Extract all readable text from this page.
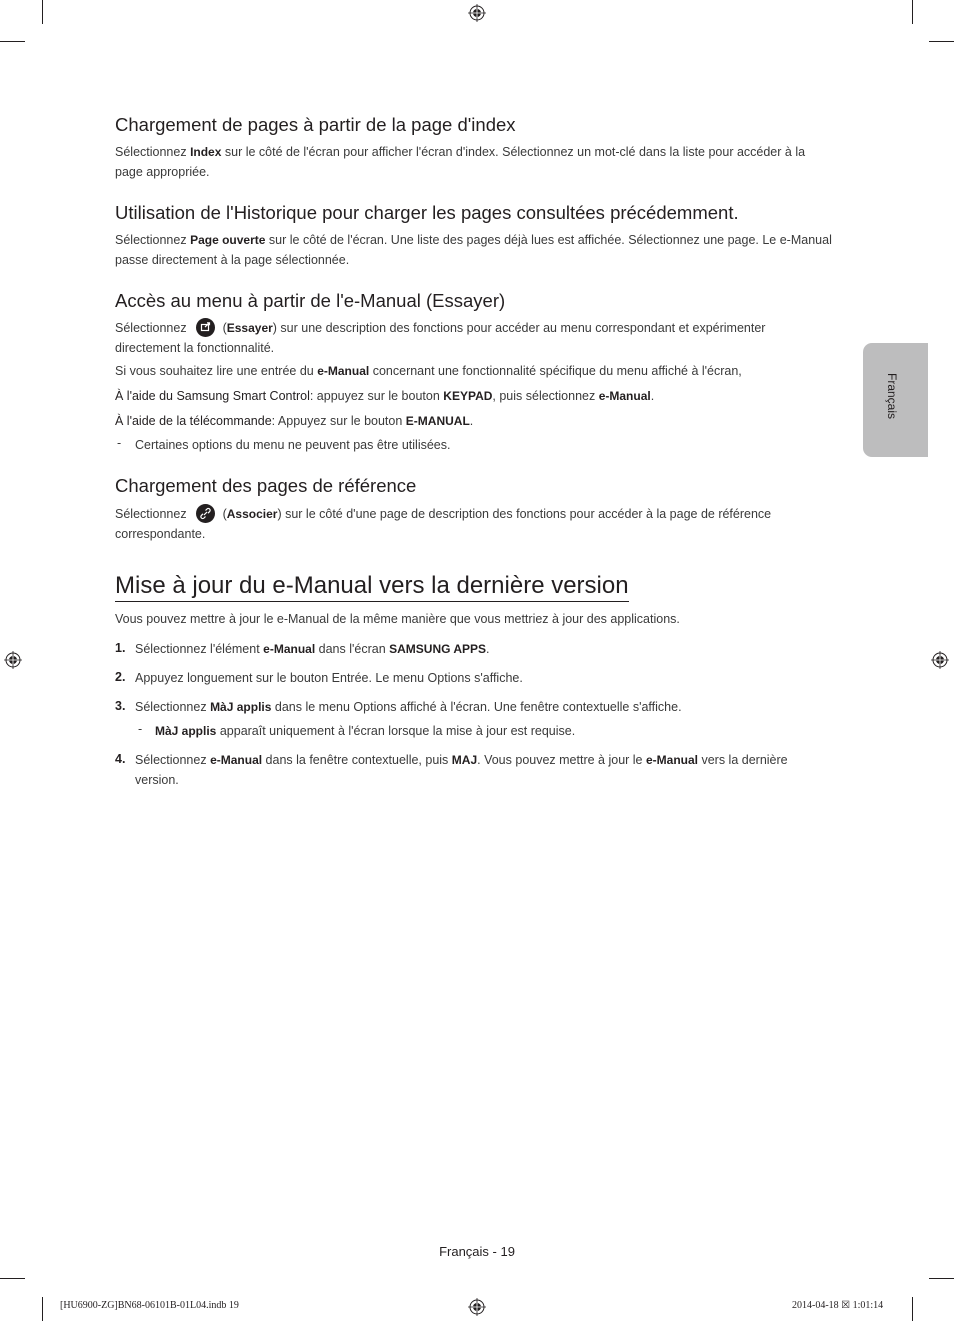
Chargement de pages à partir de la page d'index
Sélectionnez Index sur le côté de l'écran pour afficher l'écran d'index. Sélectionnez un mot-clé dans la liste pour accéder à la page appropriée.
Utilisation de l'Historique pour charger les pages consultées précédemment.
Sélectionnez Page ouverte sur le côté de l'écran. Une liste des pages déjà lues est affichée. Sélectionnez une page. Le e-Manual passe directement à la page sélectionnée.
Accès au menu à partir de l'e-Manual (Essayer)
Sélectionnez	(Essayer) sur une description des fonctions pour accéder au menu correspondant et expérimenter directement la fonctionnalité.
Si vous souhaitez lire une entrée du e-Manual concernant une fonctionnalité spécifique du menu affiché à l'écran,
À l'aide du Samsung Smart Control: appuyez sur le bouton KEYPAD, puis sélectionnez e-Manual.
À l'aide de la télécommande: Appuyez sur le bouton E-MANUAL.
- Certaines options du menu ne peuvent pas être utilisées.
Chargement des pages de référence
Sélectionnez	(Associer) sur le côté d'une page de description des fonctions pour accéder à la page de référence correspondante.
Mise à jour du e-Manual vers la dernière version
Vous pouvez mettre à jour le e-Manual de la même manière que vous mettriez à jour des applications.
1. Sélectionnez l'élément e-Manual dans l'écran SAMSUNG APPS.
2. Appuyez longuement sur le bouton Entrée. Le menu Options s'affiche.
3. Sélectionnez MàJ applis dans le menu Options affiché à l'écran. Une fenêtre contextuelle s'affiche.
- MàJ applis apparaît uniquement à l'écran lorsque la mise à jour est requise.
4. Sélectionnez e-Manual dans la fenêtre contextuelle, puis MAJ. Vous pouvez mettre à jour le e-Manual vers la dernière version.
Français
Français - 19
[HU6900-ZG]BN68-06101B-01L04.indb 19	2014-04-18 ☒ 1:01:14
